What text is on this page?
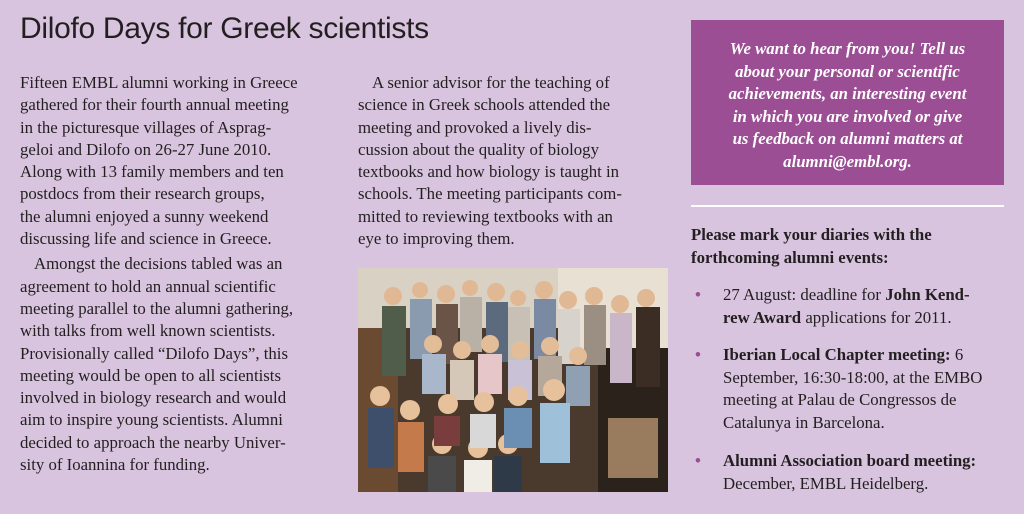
Dilofo Days for Greek scientists

Fifteen EMBL alumni working in Greece
gathered for their fourth annual meeting
in the picturesque villages of Asprag-
geloi and Dilofo on 26-27 June 2010.
Along with 13 family members and ten
postdocs from their research groups,
the alumni enjoyed a sunny weekend
discussing life and science in Greece.

Amongst the decisions tabled was an
agreement to hold an annual scientific
meeting parallel to the alumni gathering,
with talks from well known scientists.
Provisionally called “Dilofo Days”, this
meeting would be open to all scientists
involved in biology research and would
aim to inspire young scientists. Alumni
decided to approach the nearby Univer-
sity of Ioannina for funding.

A senior advisor for the teaching of
science in Greek schools attended the
meeting and provoked a lively dis-
cussion about the quality of biology
textbooks and how biology is taught in
schools. The meeting participants com-
mitted to reviewing textbooks with an
eye to improving them.

We want to hear from you! Tell us
about your personal or scientific
achievements, an interesting event
in which you are involved or give
us feedback on alumni matters at
alumni@embl.org.
Please mark your diaries with the
forthcoming alumni events:
• 27 August: deadline for John Kend-
rew Award applications for 2011.
• Iberian Local Chapter meeting: 6
September, 16:30-18:00, at the EMBO
meeting at Palau de Congressos de
Catalunya in Barcelona.
• Alumni Association board meeting:
December, EMBL Heidelberg.
